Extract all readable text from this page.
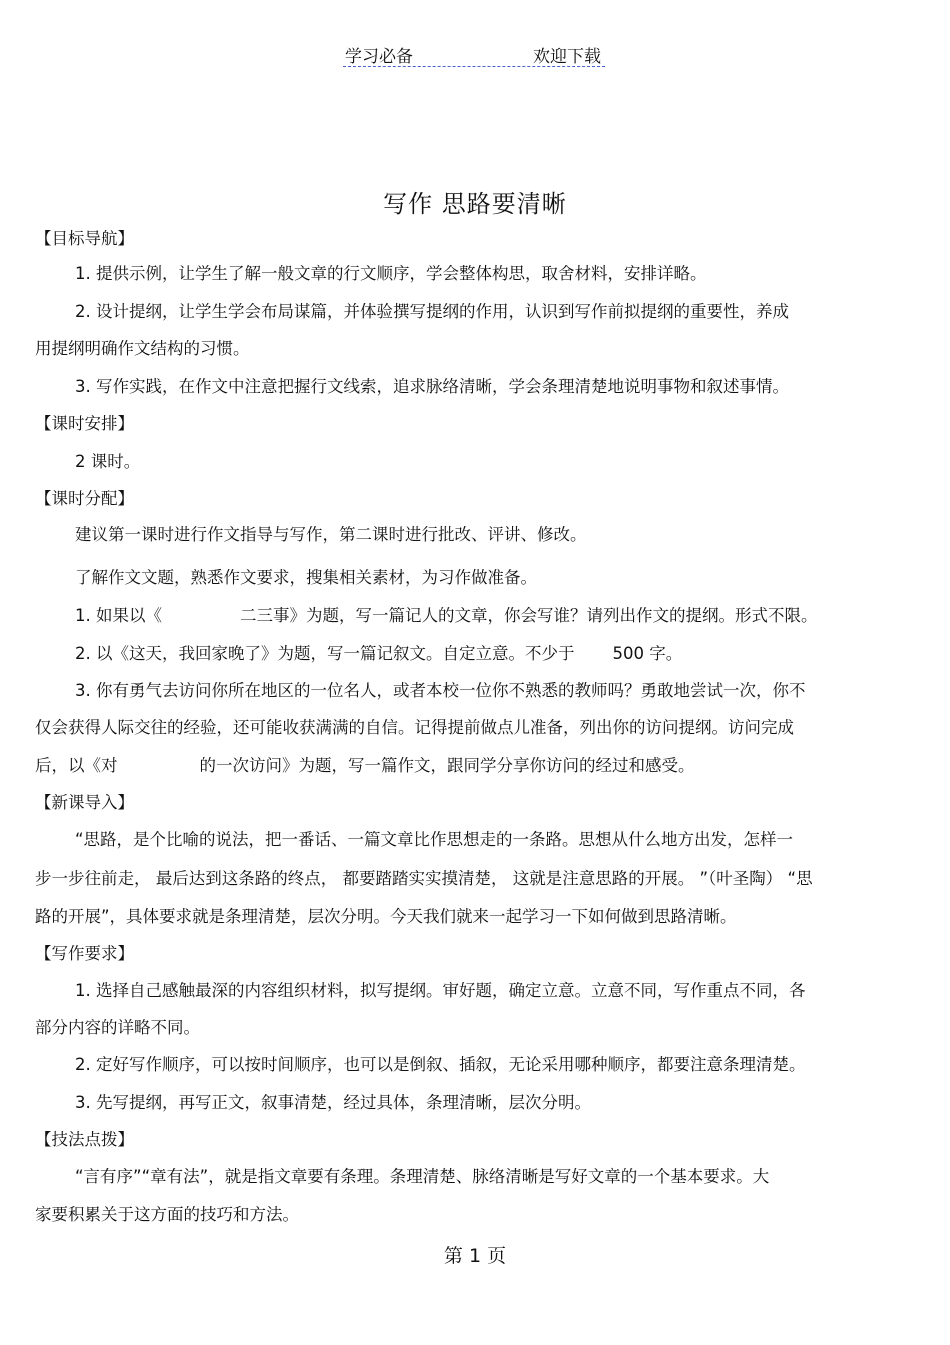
学习必备	欢迎下载
写作 思路要清晰
【目标导航】
1. 提供示例，让学生了解一般文章的行文顺序，学会整体构思，取舍材料，安排详略。
2. 设计提纲，让学生学会布局谋篇，并体验撰写提纲的作用，认识到写作前拟提纲的重要性，养成
用提纲明确作文结构的习惯。
3. 写作实践，在作文中注意把握行文线索，追求脉络清晰，学会条理清楚地说明事物和叙述事情。
【课时安排】
2 课时。
【课时分配】
建议第一课时进行作文指导与写作，第二课时进行批改、评讲、修改。
了解作文文题，熟悉作文要求，搜集相关素材，为习作做准备。
1. 如果以《	二三事》为题，写一篇记人的文章，你会写谁？请列出作文的提纲。形式不限。
2. 以《这天，我回家晚了》为题，写一篇记叙文。自定立意。不少于 500 字。
3. 你有勇气去访问你所在地区的一位名人，或者本校一位你不熟悉的教师吗？勇敢地尝试一次，你不
仅会获得人际交往的经验，还可能收获满满的自信。记得提前做点儿准备，列出你的访问提纲。访问完成
后，以《对	的一次访问》为题，写一篇作文，跟同学分享你访问的经过和感受。
【新课导入】
“思路，是个比喻的说法，把一番话、一篇文章比作思想走的一条路。思想从什么地方出发，怎样一
步一步往前走， 最后达到这条路的终点， 都要踏踏实实摸清楚， 这就是注意思路的开展。 ”（叶圣陶） “思
路的开展”，具体要求就是条理清楚，层次分明。今天我们就来一起学习一下如何做到思路清晰。
【写作要求】
1. 选择自己感触最深的内容组织材料，拟写提纲。审好题，确定立意。立意不同，写作重点不同，各
部分内容的详略不同。
2. 定好写作顺序，可以按时间顺序，也可以是倒叙、插叙，无论采用哪种顺序，都要注意条理清楚。
3. 先写提纲，再写正文，叙事清楚，经过具体，条理清晰，层次分明。
【技法点拨】
“言有序”“章有法”，就是指文章要有条理。条理清楚、脉络清晰是写好文章的一个基本要求。大
家要积累关于这方面的技巧和方法。
第 1 页
